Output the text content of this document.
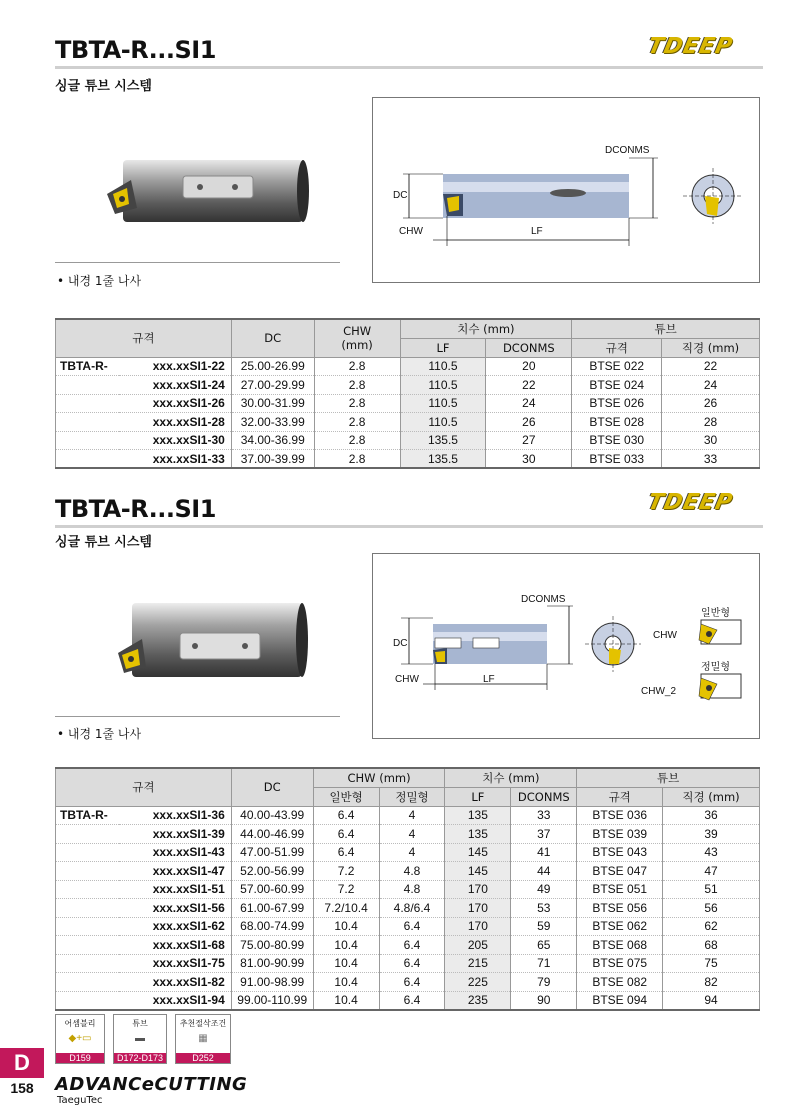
TBTA-R...SI1	TDEEP
싱글 튜브 시스템
• 내경 1줄 나사
DCONMS
DC
CHW	LF
규격		DC	CHW
(mm)	치수 (mm)		튜브	
				LF	DCONMS	규격	직경 (mm)
TBTA-R-	xxx.xxSI1-22	25.00-26.99	2.8	110.5	20	BTSE 022	22
	xxx.xxSI1-24	27.00-29.99	2.8	110.5	22	BTSE 024	24
	xxx.xxSI1-26	30.00-31.99	2.8	110.5	24	BTSE 026	26
	xxx.xxSI1-28	32.00-33.99	2.8	110.5	26	BTSE 028	28
	xxx.xxSI1-30	34.00-36.99	2.8	135.5	27	BTSE 030	30
	xxx.xxSI1-33	37.00-39.99	2.8	135.5	30	BTSE 033	33
TBTA-R...SI1	TDEEP
싱글 튜브 시스템
• 내경 1줄 나사
DCONMS
DC
CHW	LF
일반형
CHW
정밀형
CHW_2
규격		DC	CHW (mm)		치수 (mm)		튜브	
			일반형	정밀형	LF	DCONMS	규격	직경 (mm)
TBTA-R-	xxx.xxSI1-36	40.00-43.99	6.4	4	135	33	BTSE 036	36
	xxx.xxSI1-39	44.00-46.99	6.4	4	135	37	BTSE 039	39
	xxx.xxSI1-43	47.00-51.99	6.4	4	145	41	BTSE 043	43
	xxx.xxSI1-47	52.00-56.99	7.2	4.8	145	44	BTSE 047	47
	xxx.xxSI1-51	57.00-60.99	7.2	4.8	170	49	BTSE 051	51
	xxx.xxSI1-56	61.00-67.99	7.2/10.4	4.8/6.4	170	53	BTSE 056	56
	xxx.xxSI1-62	68.00-74.99	10.4	6.4	170	59	BTSE 062	62
	xxx.xxSI1-68	75.00-80.99	10.4	6.4	205	65	BTSE 068	68
	xxx.xxSI1-75	81.00-90.99	10.4	6.4	215	71	BTSE 075	75
	xxx.xxSI1-82	91.00-98.99	10.4	6.4	225	79	BTSE 082	82
	xxx.xxSI1-94	99.00-110.99	10.4	6.4	235	90	BTSE 094	94
어셈블리
◆+▭
D159
튜브
▬
D172-D173
추천절삭조건
▦
D252
D
158	ADVANCeCUTTING
TaeguTec
